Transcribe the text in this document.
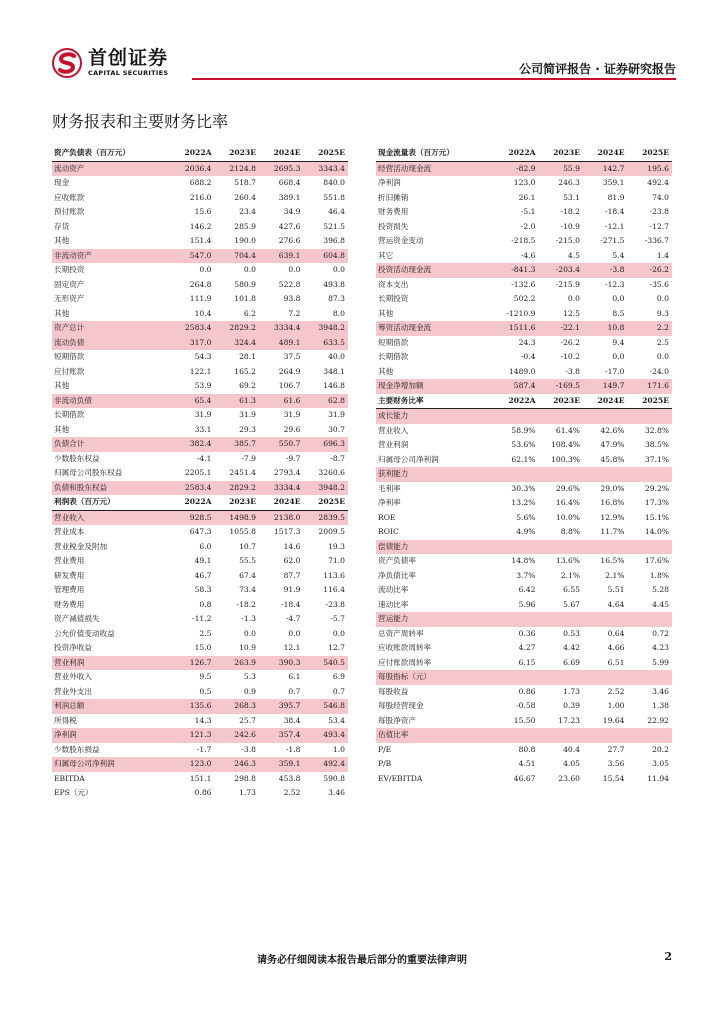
首创证券
CAPITAL SECURITIES	公司简评报告 · 证券研究报告
财务报表和主要财务比率
资产负债表（百万元）	2022A	2023E	2024E	2025E
流动资产	2036.4	2124.8	2695.3	3343.4
现金	688.2	518.7	668.4	840.0
应收账款	216.0	260.4	389.1	551.8
预付账款	15.6	23.4	34.9	46.4
存货	146.2	285.9	427.6	521.5
其他	151.4	190.0	276.6	396.8
非流动资产	547.0	704.4	639.1	604.8
长期投资	0.0	0.0	0.0	0.0
固定资产	264.8	580.9	522.8	493.8
无形资产	111.9	101.8	93.8	87.3
其他	10.4	6.2	7.2	8.0
资产总计	2583.4	2829.2	3334.4	3948.2
流动负债	317.0	324.4	489.1	633.5
短期借款	54.3	28.1	37.5	40.0
应付账款	122.1	165.2	264.9	348.1
其他	53.9	69.2	106.7	146.8
非流动负债	65.4	61.3	61.6	62.8
长期借款	31.9	31.9	31.9	31.9
其他	33.1	29.3	29.6	30.7
负债合计	382.4	385.7	550.7	696.3
少数股东权益	-4.1	-7.9	-9.7	-8.7
归属母公司股东权益	2205.1	2451.4	2793.4	3260.6
负债和股东权益	2583.4	2829.2	3334.4	3948.2
利润表（百万元）	2022A	2023E	2024E	2025E
营业收入	928.5	1498.9	2138.0	2839.5
营业成本	647.3	1055.8	1517.3	2009.5
营业税金及附加	6.0	10.7	14.6	19.3
营业费用	49.1	55.5	62.0	71.0
研发费用	46.7	67.4	87.7	113.6
管理费用	58.3	73.4	91.9	116.4
财务费用	0.8	-18.2	-18.4	-23.8
资产减值损失	-11.2	-1.3	-4.7	-5.7
公允价值变动收益	2.5	0.0	0.0	0.0
投资净收益	15.0	10.9	12.1	12.7
营业利润	126.7	263.9	390.3	540.5
营业外收入	9.5	5.3	6.1	6.9
营业外支出	0.5	0.9	0.7	0.7
利润总额	135.6	268.3	395.7	546.8
所得税	14.3	25.7	38.4	53.4
净利润	121.3	242.6	357.4	493.4
少数股东损益	-1.7	-3.8	-1.8	1.0
归属母公司净利润	123.0	246.3	359.1	492.4
EBITDA	151.1	298.8	453.8	590.8
EPS（元）	0.86	1.73	2.52	3.46
现金流量表（百万元）	2022A	2023E	2024E	2025E
经营活动现金流	-82.9	55.9	142.7	195.6
净利润	123.0	246.3	359.1	492.4
折旧摊销	26.1	53.1	81.9	74.0
财务费用	-5.1	-18.2	-18.4	-23.8
投资损失	-2.0	-10.9	-12.1	-12.7
营运资金变动	-218.5	-215.0	-271.5	-336.7
其它	-4.6	4.5	5.4	1.4
投资活动现金流	-841.3	-203.4	-3.8	-26.2
资本支出	-132.6	-215.9	-12.3	-35.6
长期投资	502.2	0.0	0.0	0.0
其他	-1210.9	12.5	8.5	9.3
筹资活动现金流	1511.6	-22.1	10.8	2.2
短期借款	24.3	-26.2	9.4	2.5
长期借款	-0.4	-10.2	0.0	0.0
其他	1489.0	-3.8	-17.0	-24.0
现金净增加额	587.4	-169.5	149.7	171.6
主要财务比率	2022A	2023E	2024E	2025E
成长能力				
营业收入	58.9%	61.4%	42.6%	32.8%
营业利润	53.6%	108.4%	47.9%	38.5%
归属母公司净利润	62.1%	100.3%	45.8%	37.1%
获利能力				
毛利率	30.3%	29.6%	29.0%	29.2%
净利率	13.2%	16.4%	16.8%	17.3%
ROE	5.6%	10.0%	12.9%	15.1%
ROIC	4.9%	8.8%	11.7%	14.0%
偿债能力				
资产负债率	14.8%	13.6%	16.5%	17.6%
净负债比率	3.7%	2.1%	2.1%	1.8%
流动比率	6.42	6.55	5.51	5.28
速动比率	5.96	5.67	4.64	4.45
营运能力				
总资产周转率	0.36	0.53	0.64	0.72
应收账款周转率	4.27	4.42	4.66	4.23
应付账款周转率	6.15	6.69	6.51	5.99
每股指标（元）				
每股收益	0.86	1.73	2.52	3.46
每股经营现金	-0.58	0.39	1.00	1.38
每股净资产	15.50	17.23	19.64	22.92
估值比率				
P/E	80.8	40.4	27.7	20.2
P/B	4.51	4.05	3.56	3.05
EV/EBITDA	46.67	23.60	15.54	11.94
请务必仔细阅读本报告最后部分的重要法律声明	2
